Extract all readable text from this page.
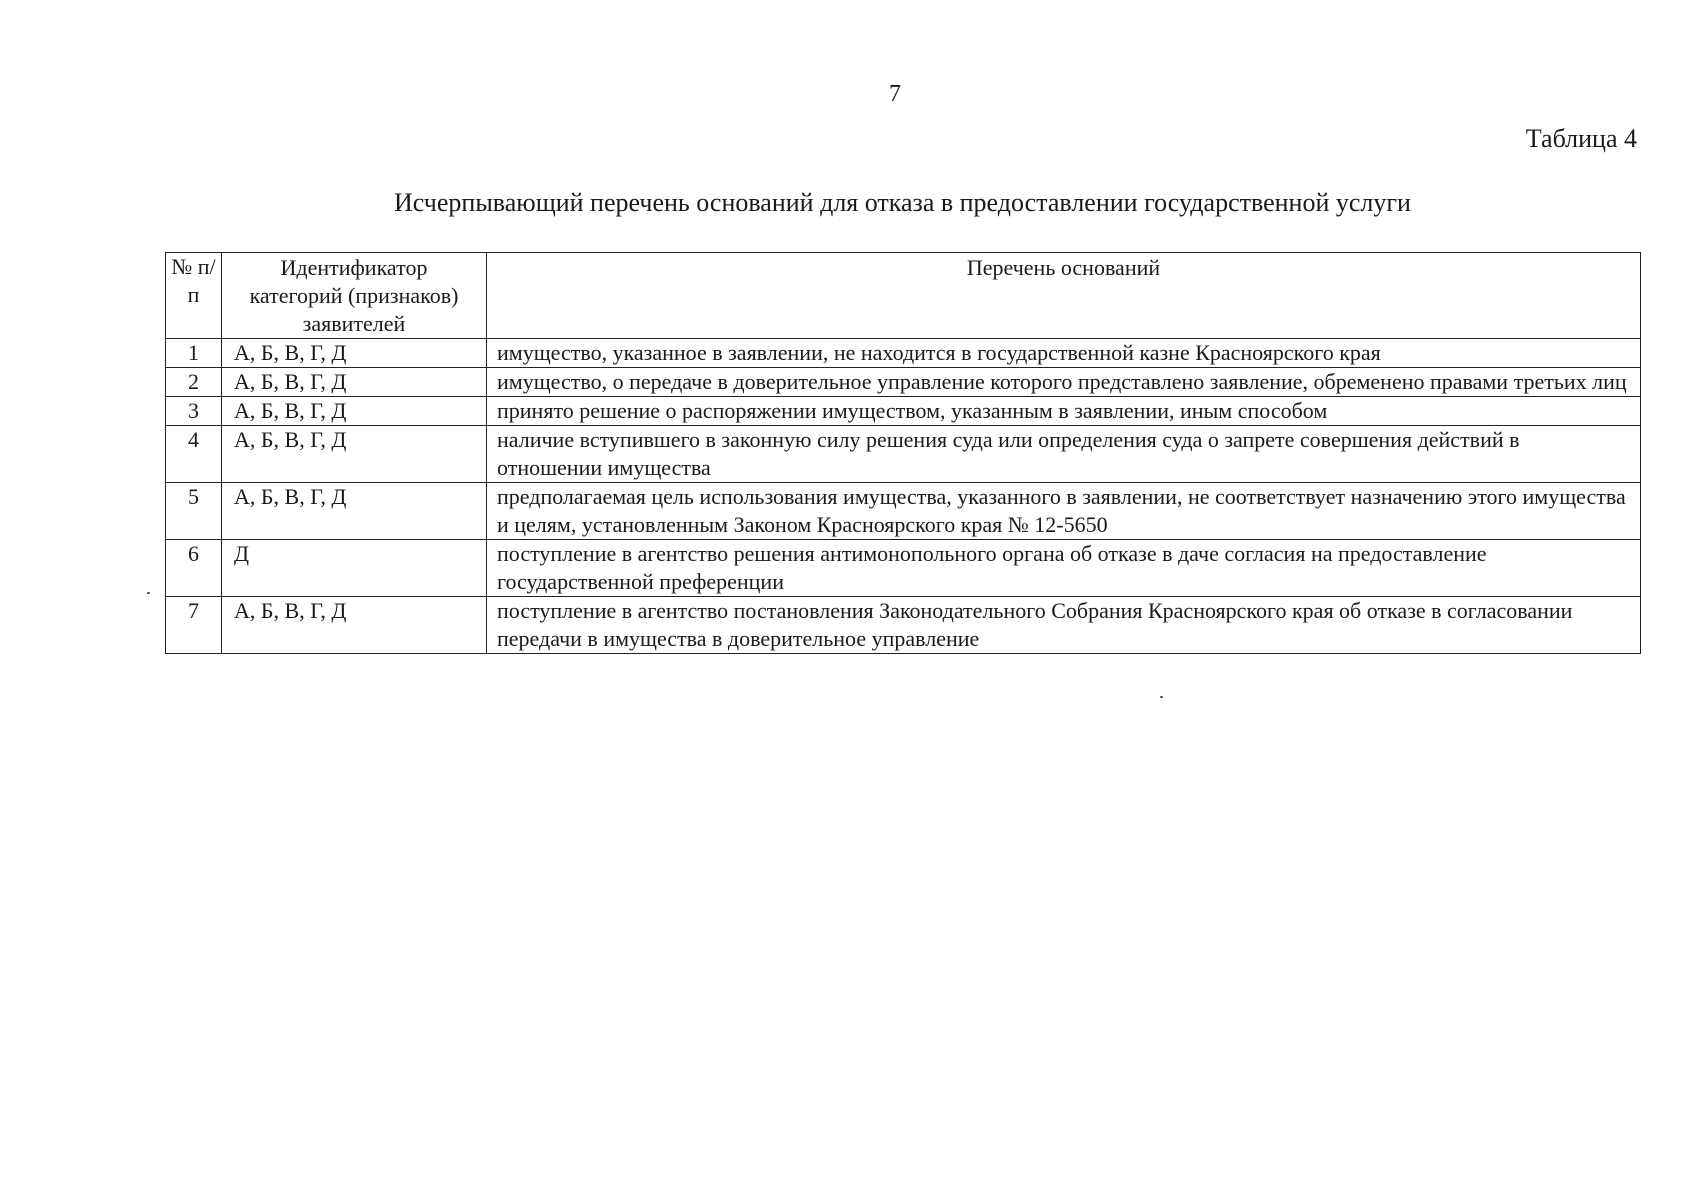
7
Таблица 4
Исчерпывающий перечень оснований для отказа в предоставлении государственной услуги
№ п/п	Идентификатор категорий (признаков) заявителей	Перечень оснований
1	А, Б, В, Г, Д	имущество, указанное в заявлении, не находится в государственной казне Красноярского края
2	А, Б, В, Г, Д	имущество, о передаче в доверительное управление которого представлено заявление, обременено правами третьих лиц
3	А, Б, В, Г, Д	принято решение о распоряжении имуществом, указанным в заявлении, иным способом
4	А, Б, В, Г, Д	наличие вступившего в законную силу решения суда или определения суда о запрете совершения действий в отношении имущества
5	А, Б, В, Г, Д	предполагаемая цель использования имущества, указанного в заявлении, не соответствует назначению этого имущества и целям, установленным Законом Красноярского края № 12-5650
6	Д	поступление в агентство решения антимонопольного органа об отказе в даче согласия на предоставление государственной преференции
7	А, Б, В, Г, Д	поступление в агентство постановления Законодательного Собрания Красноярского края об отказе в согласовании передачи в имущества в доверительное управление
